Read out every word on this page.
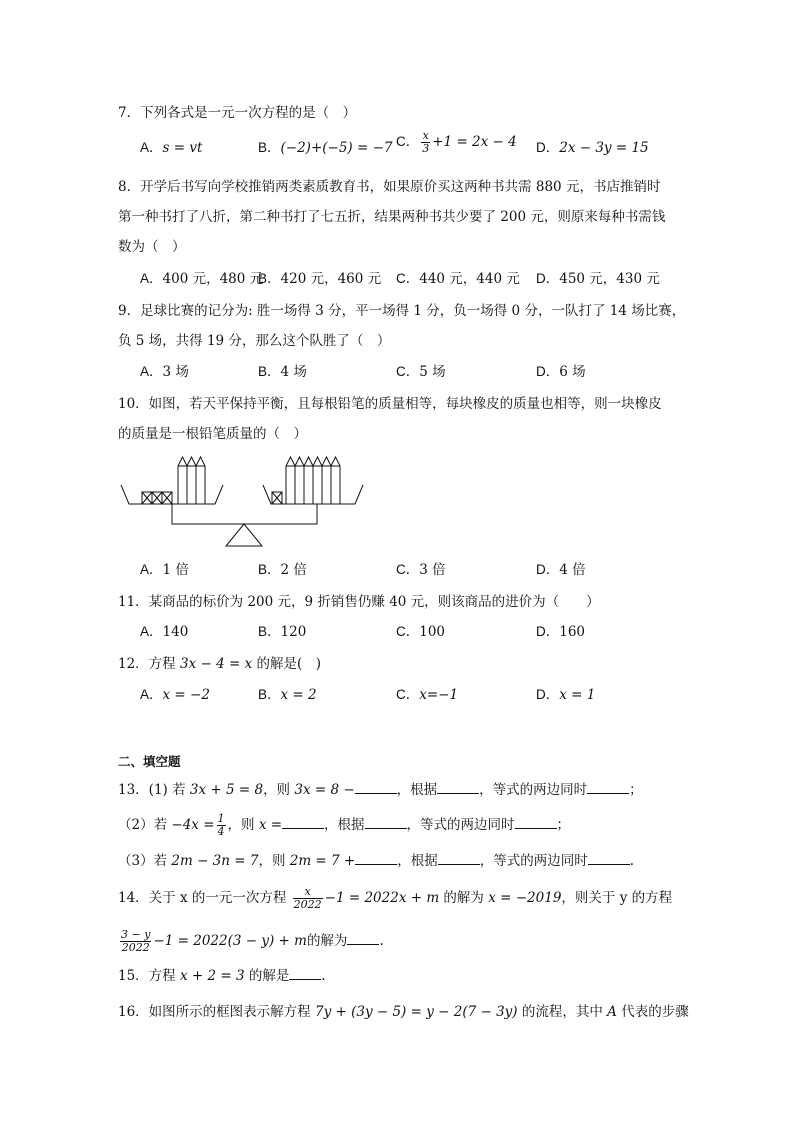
7．下列各式是一元一次方程的是（　）
A．s = vt	B．(−2)+(−5) = −7 C． $\frac{x}{3} +1 = 2x - 4$ D．2x − 3y = 15
8．开学后书写向学校推销两类素质教育书，如果原价买这两种书共需 880 元，书店推销时
第一种书打了八折，第二种书打了七五折，结果两种书共少要了 200 元，则原来每种书需钱
数为（　）
A．400 元，480 元
B．420 元，460 元 C．440 元，440 元 D．450 元，430 元
9．足球比赛的记分为: 胜一场得 3 分，平一场得 1 分，负一场得 0 分，一队打了 14 场比赛，
负 5 场，共得 19 分，那么这个队胜了（　）
A．3 场	B．4 场	C．5 场	D．6 场
10．如图，若天平保持平衡，且每根铅笔的质量相等，每块橡皮的质量也相等，则一块橡皮
的质量是一根铅笔质量的（　）
A．1 倍	B．2 倍	C．3 倍	D．4 倍
11．某商品的标价为 200 元，9 折销售仍赚 40 元，则该商品的进价为（　　）
A．140	B．120	C．100	D．160
12．方程 3x − 4 = x 的解是(　)
A．x = −2	B．x = 2	C．x=−1	D．x = 1
二、填空题
13．(1) 若 3x + 5 = 8，则 3x = 8 −	，根据	，等式的两边同时	；
（2）若 $-4x = \frac{1}{4}$ ，则 x =	，根据	，等式的两边同时	；
（3）若 2m − 3n = 7，则 2m = 7 +	，根据	，等式的两边同时	.
14．关于 x 的一元一次方程 $\frac{x}{2022} -1 = 2022x + m$ 的解为 x = −2019，则关于 y 的方程
$\frac{3 - y}{2022} -1 = 2022(3 - y) + m$的解为 .
15．方程 x + 2 = 3 的解是 .
16．如图所示的框图表示解方程 7y + (3y − 5) = y − 2(7 − 3y) 的流程，其中 A 代表的步骤
